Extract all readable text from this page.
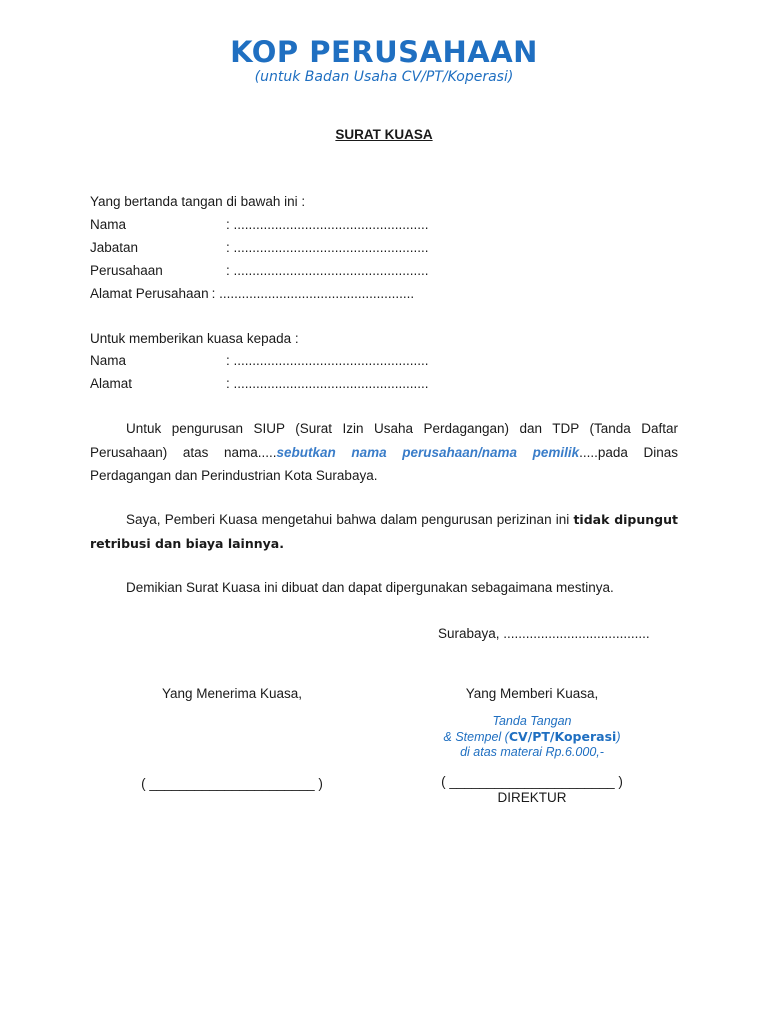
KOP PERUSAHAAN
(untuk Badan Usaha CV/PT/Koperasi)
SURAT KUASA
Yang bertanda tangan di bawah ini :
Nama	: ....................................................
Jabatan	: ....................................................
Perusahaan	: ....................................................
Alamat Perusahaan : ....................................................
Untuk memberikan kuasa kepada :
Nama	: ....................................................
Alamat	: ....................................................
Untuk pengurusan SIUP (Surat Izin Usaha Perdagangan) dan TDP (Tanda Daftar Perusahaan) atas nama.....sebutkan nama perusahaan/nama pemilik.....pada Dinas Perdagangan dan Perindustrian Kota Surabaya.
Saya, Pemberi Kuasa mengetahui bahwa dalam pengurusan perizinan ini tidak dipungut retribusi dan biaya lainnya.
Demikian Surat Kuasa ini dibuat dan dapat dipergunakan sebagaimana mestinya.
Surabaya, .......................................
Yang Menerima Kuasa,	Yang Memberi Kuasa,
Tanda Tangan
& Stempel (CV/PT/Koperasi)
di atas materai Rp.6.000,-
( ______________________ )	( ______________________ )
DIREKTUR
